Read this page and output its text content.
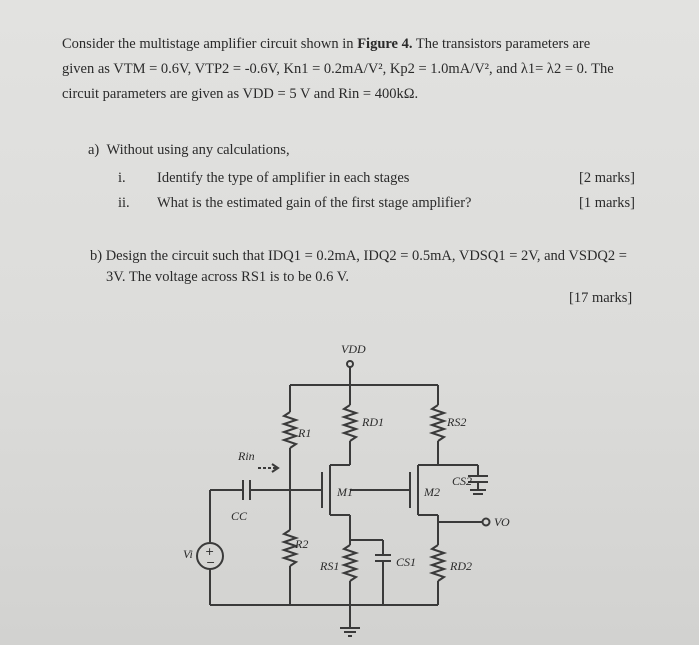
Consider the multistage amplifier circuit shown in Figure 4. The transistors parameters are
given as VTM = 0.6V, VTP2 = -0.6V, Kn1 = 0.2mA/V², Kp2 = 1.0mA/V², and λ1= λ2 = 0. The
circuit parameters are given as VDD = 5 V and Rin = 400kΩ.
a) Without using any calculations,
i. Identify the type of amplifier in each stages	[2 marks]
ii. What is the estimated gain of the first stage amplifier?	[1 marks]
b) Design the circuit such that IDQ1 = 0.2mA, IDQ2 = 0.5mA, VDSQ1 = 2V, and VSDQ2 =
3V. The voltage across RS1 is to be 0.6 V.
[17 marks]
+
−
VDD
R1
R2
RD1	RS2
RS1	RD2
M1	M2
CC
CS1
CS2
Rin
Vi
VO
